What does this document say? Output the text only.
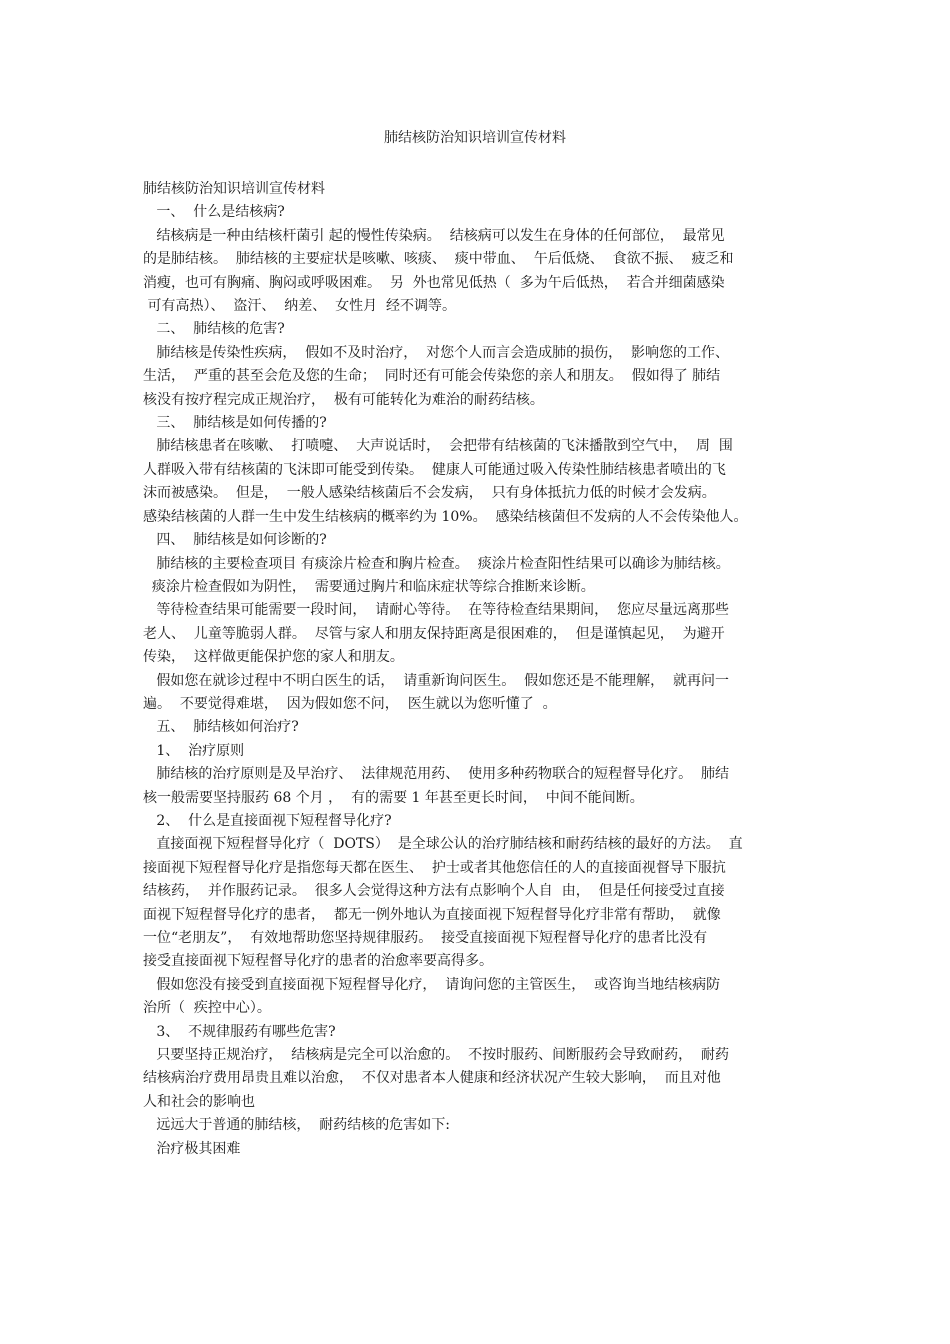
肺结核防治知识培训宣传材料

肺结核防治知识培训宣传材料

一、  什么是结核病?

结核病是一种由结核杆菌引 起的慢性传染病。  结核病可以发生在身体的任何部位，  最常见

的是肺结核。  肺结核的主要症状是咳嗽、咳痰、  痰中带血、  午后低烧、  食欲不振、  疲乏和

消瘦，也可有胸痛、胸闷或呼吸困难。  另  外也常见低热（  多为午后低热，  若合并细菌感染

可有高热）、  盗汗、  纳差、  女性月  经不调等。

二、  肺结核的危害?

肺结核是传染性疾病，  假如不及时治疗，  对您个人而言会造成肺的损伤，  影响您的工作、

生活，  严重的甚至会危及您的生命；  同时还有可能会传染您的亲人和朋友。  假如得了 肺结

核没有按疗程完成正规治疗，  极有可能转化为难治的耐药结核。

三、  肺结核是如何传播的?

肺结核患者在咳嗽、  打喷嚏、  大声说话时，  会把带有结核菌的飞沫播散到空气中，  周  围

人群吸入带有结核菌的飞沫即可能受到传染。  健康人可能通过吸入传染性肺结核患者喷出的飞

沫而被感染。  但是，  一般人感染结核菌后不会发病，  只有身体抵抗力低的时候才会发病。

感染结核菌的人群一生中发生结核病的概率约为 10%。  感染结核菌但不发病的人不会传染他人。

四、  肺结核是如何诊断的?

肺结核的主要检查项目 有痰涂片检查和胸片检查。  痰涂片检查阳性结果可以确诊为肺结核。

痰涂片检查假如为阴性，  需要通过胸片和临床症状等综合推断来诊断。

等待检查结果可能需要一段时间，  请耐心等待。  在等待检查结果期间，  您应尽量远离那些

老人、  儿童等脆弱人群。  尽管与家人和朋友保持距离是很困难的，  但是谨慎起见，  为避开

传染，  这样做更能保护您的家人和朋友。

假如您在就诊过程中不明白医生的话，  请重新询问医生。  假如您还是不能理解，  就再问一

遍。  不要觉得难堪，  因为假如您不问，  医生就以为您听懂了  。

五、  肺结核如何治疗?

1、  治疗原则

肺结核的治疗原则是及早治疗、  法律规范用药、  使用多种药物联合的短程督导化疗。  肺结

核一般需要坚持服药 68 个月 ，  有的需要 1 年甚至更长时间，  中间不能间断。

2、  什么是直接面视下短程督导化疗?

直接面视下短程督导化疗（  DOTS）  是全球公认的治疗肺结核和耐药结核的最好的方法。  直

接面视下短程督导化疗是指您每天都在医生、  护士或者其他您信任的人的直接面视督导下服抗

结核药，  并作服药记录。  很多人会觉得这种方法有点影响个人自  由，  但是任何接受过直接

面视下短程督导化疗的患者，  都无一例外地认为直接面视下短程督导化疗非常有帮助，  就像

一位“老朋友”，  有效地帮助您坚持规律服药。  接受直接面视下短程督导化疗的患者比没有

接受直接面视下短程督导化疗的患者的治愈率要高得多。

假如您没有接受到直接面视下短程督导化疗，  请询问您的主管医生，  或咨询当地结核病防

治所（  疾控中心）。

3、  不规律服药有哪些危害?

只要坚持正规治疗，  结核病是完全可以治愈的。  不按时服药、间断服药会导致耐药，  耐药

结核病治疗费用昂贵且难以治愈，  不仅对患者本人健康和经济状况产生较大影响，  而且对他

人和社会的影响也

远远大于普通的肺结核，  耐药结核的危害如下:

治疗极其困难
